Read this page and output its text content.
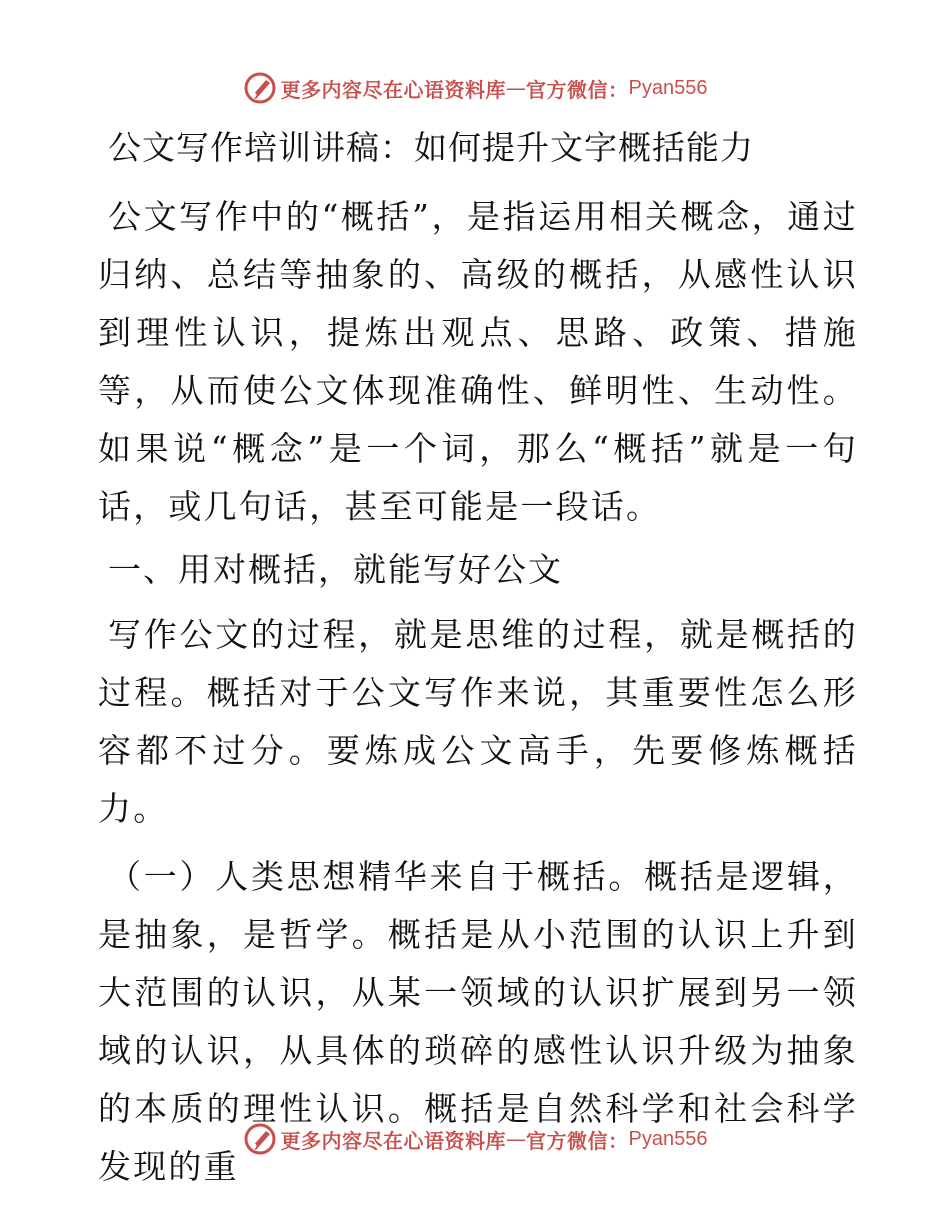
更多内容尽在心语资料库 — 官方微信： Pyan556
公文写作培训讲稿：如何提升文字概括能力

公文写作中的“概括”，是指运用相关概念，通过归纳、总结等抽象的、高级的概括，从感性认识到理性认识，提炼出观点、思路、政策、措施等，从而使公文体现准确性、鲜明性、生动性。如果说“概念”是一个词，那么“概括”就是一句话，或几句话，甚至可能是一段话。

一、用对概括，就能写好公文

写作公文的过程，就是思维的过程，就是概括的过程。概括对于公文写作来说，其重要性怎么形容都不过分。要炼成公文高手，先要修炼概括力。

（一）人类思想精华来自于概括。概括是逻辑，是抽象，是哲学。概括是从小范围的认识上升到大范围的认识，从某一领域的认识扩展到另一领域的认识，从具体的琐碎的感性认识升级为抽象的本质的理性认识。概括是自然科学和社会科学发现的重

更多内容尽在心语资料库 — 官方微信： Pyan556
